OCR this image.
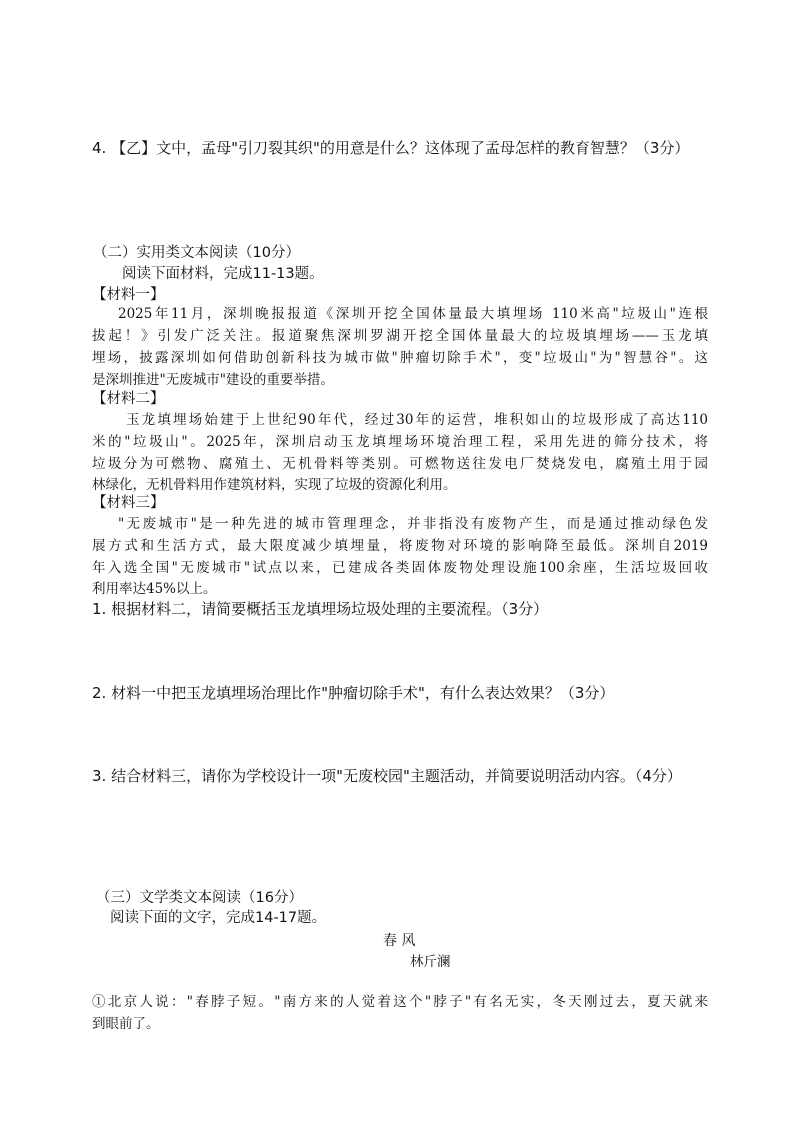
4. 【乙】文中，孟母"引刀裂其织"的用意是什么？这体现了孟母怎样的教育智慧？（3分）
（二）实用类文本阅读（10分）
阅读下面材料，完成11-13题。
【材料一】
2025年11月，深圳晚报报道《深圳开挖全国体量最大填埋场 110米高"垃圾山"连根
拔起！》引发广泛关注。报道聚焦深圳罗湖开挖全国体量最大的垃圾填埋场——玉龙填
埋场，披露深圳如何借助创新科技为城市做"肿瘤切除手术"，变"垃圾山"为"智慧谷"。这
是深圳推进"无废城市"建设的重要举措。
【材料二】
玉龙填埋场始建于上世纪90年代，经过30年的运营，堆积如山的垃圾形成了高达110
米的"垃圾山"。2025年，深圳启动玉龙填埋场环境治理工程，采用先进的筛分技术，将
垃圾分为可燃物、腐殖土、无机骨料等类别。可燃物送往发电厂焚烧发电，腐殖土用于园
林绿化，无机骨料用作建筑材料，实现了垃圾的资源化利用。
【材料三】
"无废城市"是一种先进的城市管理理念，并非指没有废物产生，而是通过推动绿色发
展方式和生活方式，最大限度减少填埋量，将废物对环境的影响降至最低。深圳自2019
年入选全国"无废城市"试点以来，已建成各类固体废物处理设施100余座，生活垃圾回收
利用率达45%以上。
1. 根据材料二，请简要概括玉龙填埋场垃圾处理的主要流程。（3分）
2. 材料一中把玉龙填埋场治理比作"肿瘤切除手术"，有什么表达效果？（3分）
3. 结合材料三，请你为学校设计一项"无废校园"主题活动，并简要说明活动内容。（4分）
（三）文学类文本阅读（16分）
阅读下面的文字，完成14-17题。
春 风
林斤澜
①北京人说："春脖子短。"南方来的人觉着这个"脖子"有名无实，冬天刚过去，夏天就来
到眼前了。
